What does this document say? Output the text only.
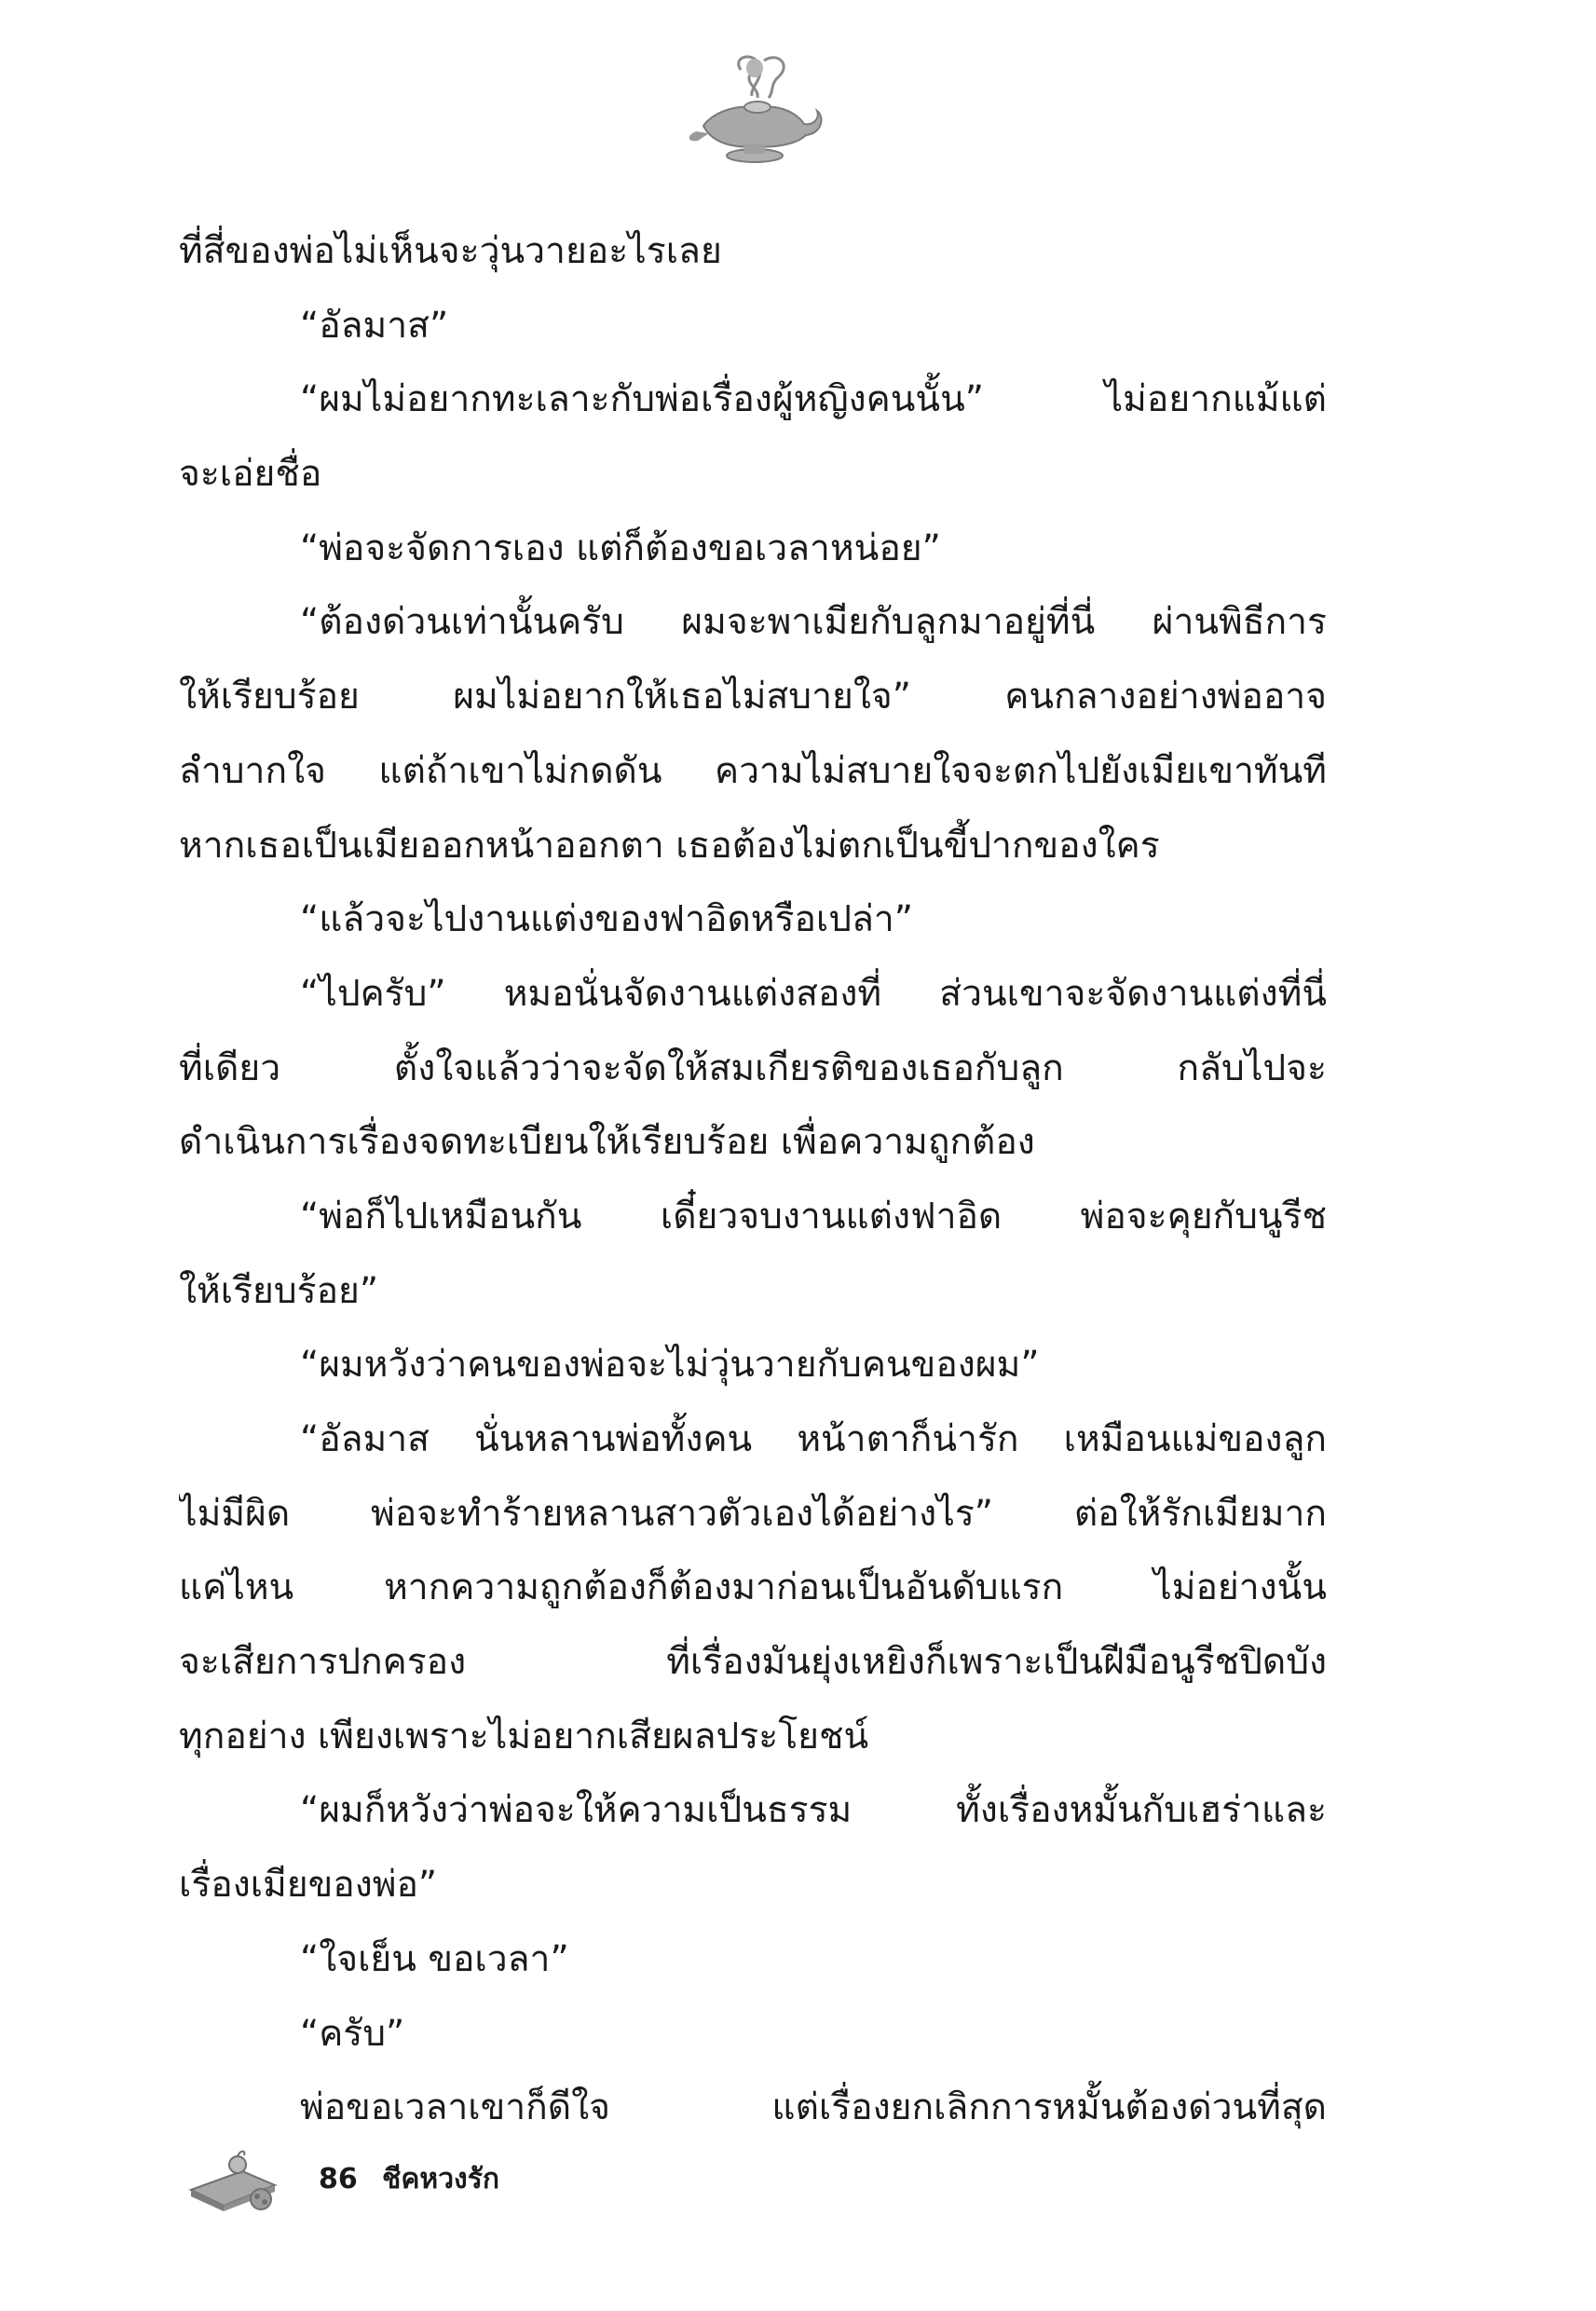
ที่สี่ของพ่อไม่เห็นจะวุ่นวายอะไรเลย
“อัลมาส”
“ผมไม่อยากทะเลาะกับพ่อเรื่องผู้หญิงคนนั้น” ไม่อยากแม้แต่
จะเอ่ยชื่อ
“พ่อจะจัดการเอง แต่ก็ต้องขอเวลาหน่อย”
“ต้องด่วนเท่านั้นครับ ผมจะพาเมียกับลูกมาอยู่ที่นี่ ผ่านพิธีการ
ให้เรียบร้อย ผมไม่อยากให้เธอไม่สบายใจ” คนกลางอย่างพ่ออาจ
ลำบากใจ แต่ถ้าเขาไม่กดดัน ความไม่สบายใจจะตกไปยังเมียเขาทันที
หากเธอเป็นเมียออกหน้าออกตา เธอต้องไม่ตกเป็นขี้ปากของใคร
“แล้วจะไปงานแต่งของฟาอิดหรือเปล่า”
“ไปครับ” หมอนั่นจัดงานแต่งสองที่ ส่วนเขาจะจัดงานแต่งที่นี่
ที่เดียว ตั้งใจแล้วว่าจะจัดให้สมเกียรติของเธอกับลูก กลับไปจะ
ดำเนินการเรื่องจดทะเบียนให้เรียบร้อย เพื่อความถูกต้อง
“พ่อก็ไปเหมือนกัน เดี๋ยวจบงานแต่งฟาอิด พ่อจะคุยกับนูรีช
ให้เรียบร้อย”
“ผมหวังว่าคนของพ่อจะไม่วุ่นวายกับคนของผม”
“อัลมาส นั่นหลานพ่อทั้งคน หน้าตาก็น่ารัก เหมือนแม่ของลูก
ไม่มีผิด พ่อจะทำร้ายหลานสาวตัวเองได้อย่างไร” ต่อให้รักเมียมาก
แค่ไหน หากความถูกต้องก็ต้องมาก่อนเป็นอันดับแรก ไม่อย่างนั้น
จะเสียการปกครอง ที่เรื่องมันยุ่งเหยิงก็เพราะเป็นฝีมือนูรีชปิดบัง
ทุกอย่าง เพียงเพราะไม่อยากเสียผลประโยชน์
“ผมก็หวังว่าพ่อจะให้ความเป็นธรรม ทั้งเรื่องหมั้นกับเฮร่าและ
เรื่องเมียของพ่อ”
“ใจเย็น ขอเวลา”
“ครับ”
พ่อขอเวลาเขาก็ดีใจ แต่เรื่องยกเลิกการหมั้นต้องด่วนที่สุด
86 ชีคหวงรัก
